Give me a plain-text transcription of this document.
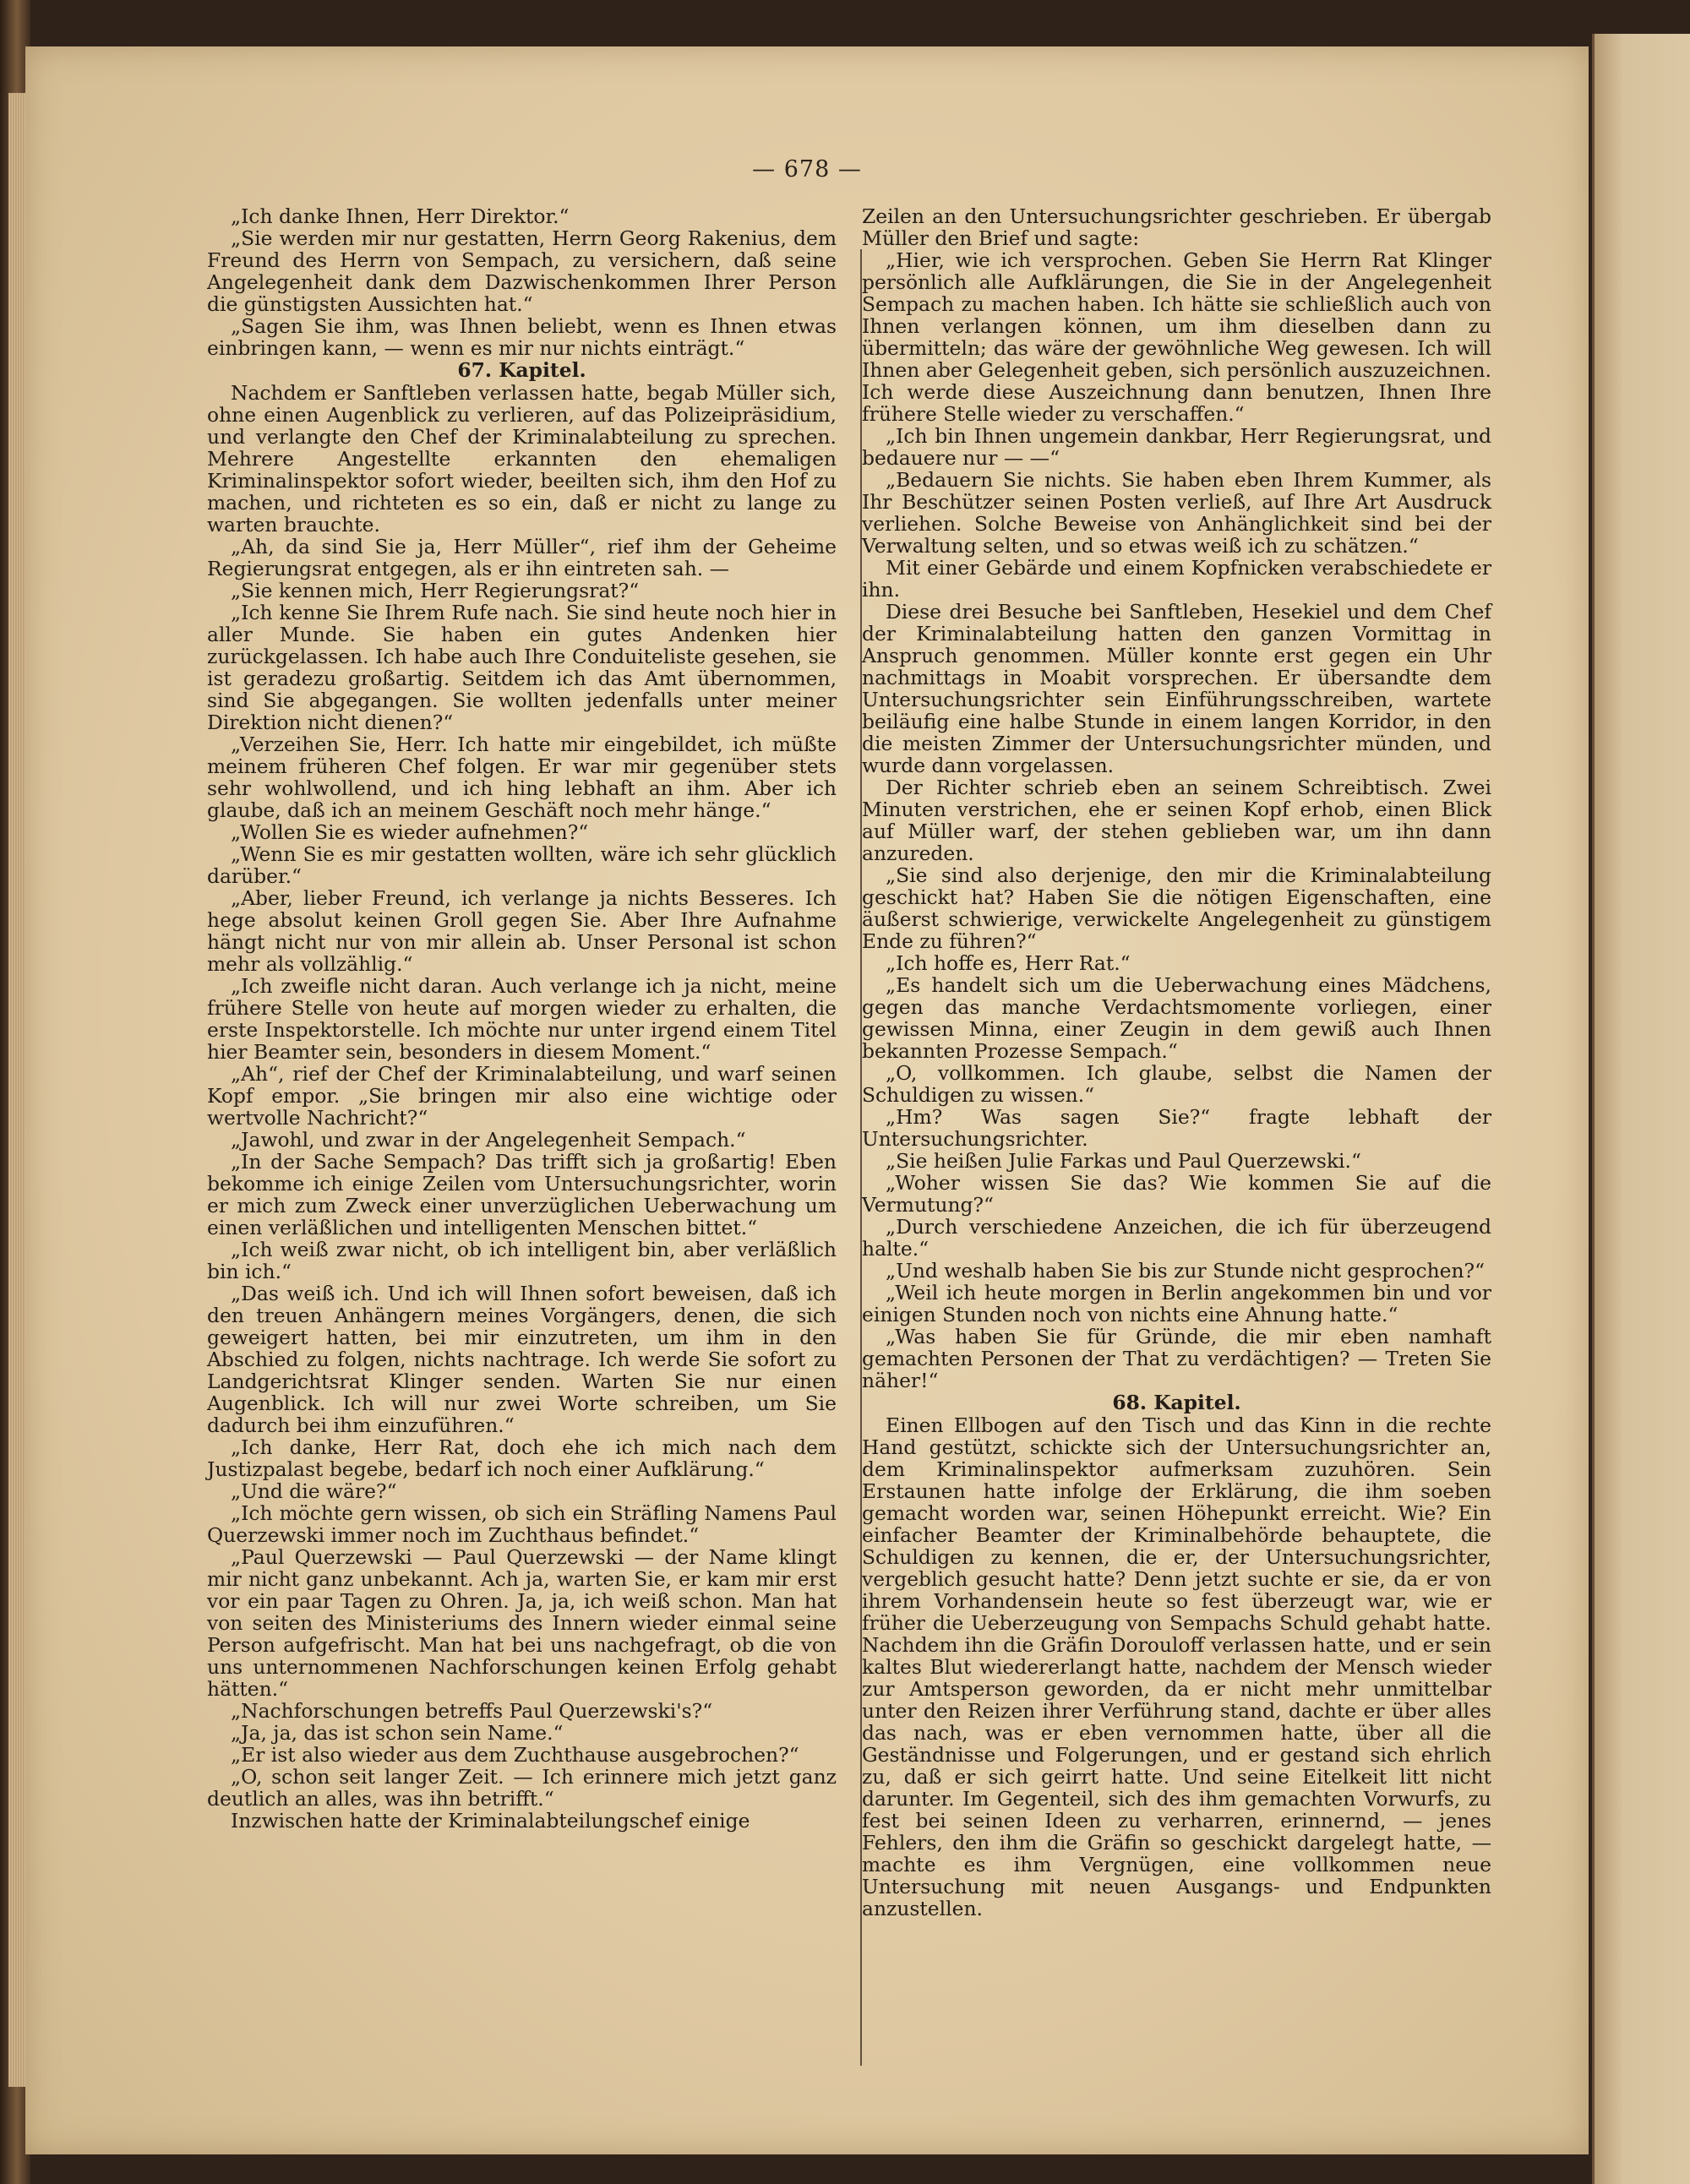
— 678 —

„Ich danke Ihnen, Herr Direktor.“

„Sie werden mir nur gestatten, Herrn Georg Rakenius, dem Freund des Herrn von Sempach, zu versichern, daß seine Angelegenheit dank dem Dazwischenkommen Ihrer Person die günstigsten Aussichten hat.“

„Sagen Sie ihm, was Ihnen beliebt, wenn es Ihnen etwas einbringen kann, — wenn es mir nur nichts einträgt.“

67. Kapitel.

Nachdem er Sanftleben verlassen hatte, begab Müller sich, ohne einen Augenblick zu verlieren, auf das Polizeipräsidium, und verlangte den Chef der Kriminalabteilung zu sprechen. Mehrere Angestellte erkannten den ehemaligen Kriminalinspektor sofort wieder, beeilten sich, ihm den Hof zu machen, und richteten es so ein, daß er nicht zu lange zu warten brauchte.

„Ah, da sind Sie ja, Herr Müller“, rief ihm der Geheime Regierungsrat entgegen, als er ihn eintreten sah. —

„Sie kennen mich, Herr Regierungsrat?“

„Ich kenne Sie Ihrem Rufe nach. Sie sind heute noch hier in aller Munde. Sie haben ein gutes Andenken hier zurückgelassen. Ich habe auch Ihre Conduiteliste gesehen, sie ist geradezu großartig. Seitdem ich das Amt übernommen, sind Sie abgegangen. Sie wollten jedenfalls unter meiner Direktion nicht dienen?“

„Verzeihen Sie, Herr. Ich hatte mir eingebildet, ich müßte meinem früheren Chef folgen. Er war mir gegenüber stets sehr wohlwollend, und ich hing lebhaft an ihm. Aber ich glaube, daß ich an meinem Geschäft noch mehr hänge.“

„Wollen Sie es wieder aufnehmen?“

„Wenn Sie es mir gestatten wollten, wäre ich sehr glücklich darüber.“

„Aber, lieber Freund, ich verlange ja nichts Besseres. Ich hege absolut keinen Groll gegen Sie. Aber Ihre Aufnahme hängt nicht nur von mir allein ab. Unser Personal ist schon mehr als vollzählig.“

„Ich zweifle nicht daran. Auch verlange ich ja nicht, meine frühere Stelle von heute auf morgen wieder zu erhalten, die erste Inspektorstelle. Ich möchte nur unter irgend einem Titel hier Beamter sein, besonders in diesem Moment.“

„Ah“, rief der Chef der Kriminalabteilung, und warf seinen Kopf empor. „Sie bringen mir also eine wichtige oder wertvolle Nachricht?“

„Jawohl, und zwar in der Angelegenheit Sempach.“

„In der Sache Sempach? Das trifft sich ja großartig! Eben bekomme ich einige Zeilen vom Untersuchungsrichter, worin er mich zum Zweck einer unverzüglichen Ueberwachung um einen verläßlichen und intelligenten Menschen bittet.“

„Ich weiß zwar nicht, ob ich intelligent bin, aber verläßlich bin ich.“

„Das weiß ich. Und ich will Ihnen sofort beweisen, daß ich den treuen Anhängern meines Vorgängers, denen, die sich geweigert hatten, bei mir einzutreten, um ihm in den Abschied zu folgen, nichts nachtrage. Ich werde Sie sofort zu Landgerichtsrat Klinger senden. Warten Sie nur einen Augenblick. Ich will nur zwei Worte schreiben, um Sie dadurch bei ihm einzuführen.“

„Ich danke, Herr Rat, doch ehe ich mich nach dem Justizpalast begebe, bedarf ich noch einer Aufklärung.“

„Und die wäre?“

„Ich möchte gern wissen, ob sich ein Sträfling Namens Paul Querzewski immer noch im Zuchthaus befindet.“

„Paul Querzewski — Paul Querzewski — der Name klingt mir nicht ganz unbekannt. Ach ja, warten Sie, er kam mir erst vor ein paar Tagen zu Ohren. Ja, ja, ich weiß schon. Man hat von seiten des Ministeriums des Innern wieder einmal seine Person aufgefrischt. Man hat bei uns nachgefragt, ob die von uns unternommenen Nachforschungen keinen Erfolg gehabt hätten.“

„Nachforschungen betreffs Paul Querzewski's?“

„Ja, ja, das ist schon sein Name.“

„Er ist also wieder aus dem Zuchthause ausgebrochen?“

„O, schon seit langer Zeit. — Ich erinnere mich jetzt ganz deutlich an alles, was ihn betrifft.“

Inzwischen hatte der Kriminalabteilungschef einige

Zeilen an den Untersuchungsrichter geschrieben. Er übergab Müller den Brief und sagte:

„Hier, wie ich versprochen. Geben Sie Herrn Rat Klinger persönlich alle Aufklärungen, die Sie in der Angelegenheit Sempach zu machen haben. Ich hätte sie schließlich auch von Ihnen verlangen können, um ihm dieselben dann zu übermitteln; das wäre der gewöhnliche Weg gewesen. Ich will Ihnen aber Gelegenheit geben, sich persönlich auszuzeichnen. Ich werde diese Auszeichnung dann benutzen, Ihnen Ihre frühere Stelle wieder zu verschaffen.“

„Ich bin Ihnen ungemein dankbar, Herr Regierungsrat, und bedauere nur — —“

„Bedauern Sie nichts. Sie haben eben Ihrem Kummer, als Ihr Beschützer seinen Posten verließ, auf Ihre Art Ausdruck verliehen. Solche Beweise von Anhänglichkeit sind bei der Verwaltung selten, und so etwas weiß ich zu schätzen.“

Mit einer Gebärde und einem Kopfnicken verabschiedete er ihn.

Diese drei Besuche bei Sanftleben, Hesekiel und dem Chef der Kriminalabteilung hatten den ganzen Vormittag in Anspruch genommen. Müller konnte erst gegen ein Uhr nachmittags in Moabit vorsprechen. Er übersandte dem Untersuchungsrichter sein Einführungsschreiben, wartete beiläufig eine halbe Stunde in einem langen Korridor, in den die meisten Zimmer der Untersuchungsrichter münden, und wurde dann vorgelassen.

Der Richter schrieb eben an seinem Schreibtisch. Zwei Minuten verstrichen, ehe er seinen Kopf erhob, einen Blick auf Müller warf, der stehen geblieben war, um ihn dann anzureden.

„Sie sind also derjenige, den mir die Kriminalabteilung geschickt hat? Haben Sie die nötigen Eigenschaften, eine äußerst schwierige, verwickelte Angelegenheit zu günstigem Ende zu führen?“

„Ich hoffe es, Herr Rat.“

„Es handelt sich um die Ueberwachung eines Mädchens, gegen das manche Verdachtsmomente vorliegen, einer gewissen Minna, einer Zeugin in dem gewiß auch Ihnen bekannten Prozesse Sempach.“

„O, vollkommen. Ich glaube, selbst die Namen der Schuldigen zu wissen.“

„Hm? Was sagen Sie?“ fragte lebhaft der Untersuchungsrichter.

„Sie heißen Julie Farkas und Paul Querzewski.“

„Woher wissen Sie das? Wie kommen Sie auf die Vermutung?“

„Durch verschiedene Anzeichen, die ich für überzeugend halte.“

„Und weshalb haben Sie bis zur Stunde nicht gesprochen?“

„Weil ich heute morgen in Berlin angekommen bin und vor einigen Stunden noch von nichts eine Ahnung hatte.“

„Was haben Sie für Gründe, die mir eben namhaft gemachten Personen der That zu verdächtigen? — Treten Sie näher!“

68. Kapitel.

Einen Ellbogen auf den Tisch und das Kinn in die rechte Hand gestützt, schickte sich der Untersuchungsrichter an, dem Kriminalinspektor aufmerksam zuzuhören. Sein Erstaunen hatte infolge der Erklärung, die ihm soeben gemacht worden war, seinen Höhepunkt erreicht. Wie? Ein einfacher Beamter der Kriminalbehörde behauptete, die Schuldigen zu kennen, die er, der Untersuchungsrichter, vergeblich gesucht hatte? Denn jetzt suchte er sie, da er von ihrem Vorhandensein heute so fest überzeugt war, wie er früher die Ueberzeugung von Sempachs Schuld gehabt hatte. Nachdem ihn die Gräfin Dorouloff verlassen hatte, und er sein kaltes Blut wiedererlangt hatte, nachdem der Mensch wieder zur Amtsperson geworden, da er nicht mehr unmittelbar unter den Reizen ihrer Verführung stand, dachte er über alles das nach, was er eben vernommen hatte, über all die Geständnisse und Folgerungen, und er gestand sich ehrlich zu, daß er sich geirrt hatte. Und seine Eitelkeit litt nicht darunter. Im Gegenteil, sich des ihm gemachten Vorwurfs, zu fest bei seinen Ideen zu verharren, erinnernd, — jenes Fehlers, den ihm die Gräfin so geschickt dargelegt hatte, — machte es ihm Vergnügen, eine vollkommen neue Untersuchung mit neuen Ausgangs- und Endpunkten anzustellen.
